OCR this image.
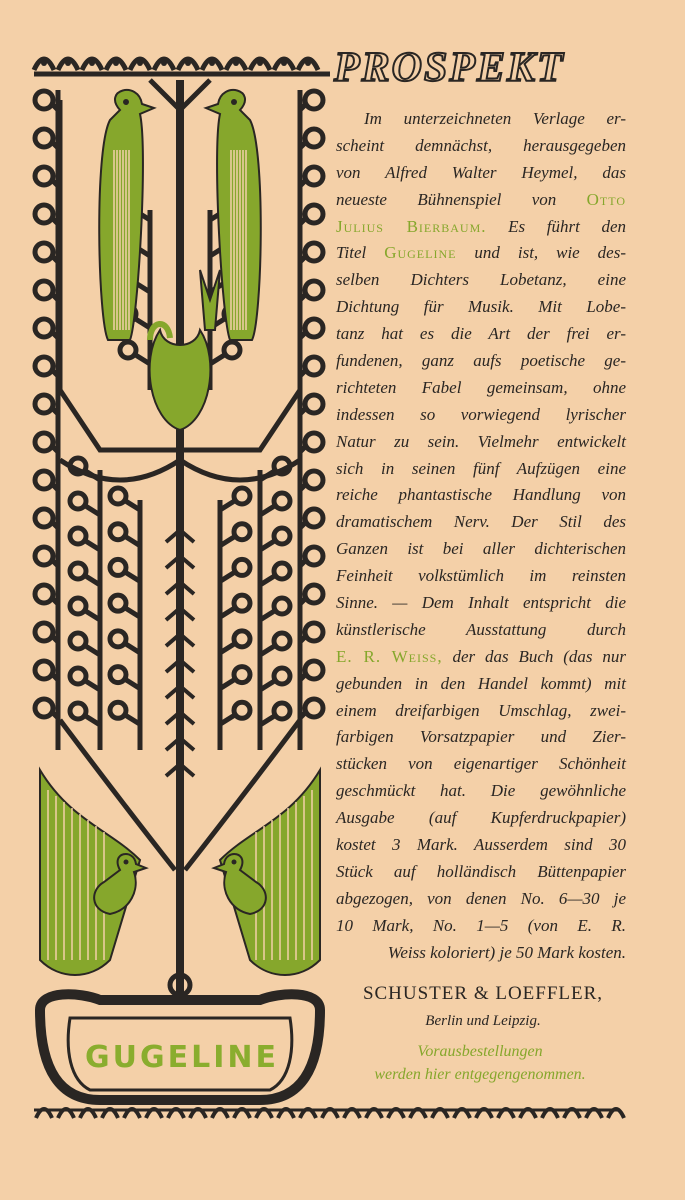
PROSPEKT
Im unterzeichneten Verlage er-
scheint demnächst, herausgegeben
von Alfred Walter Heymel, das
neueste Bühnenspiel von Otto
Julius Bierbaum. Es führt den
Titel Gugeline und ist, wie des-
selben Dichters Lobetanz, eine
Dichtung für Musik. Mit Lobe-
tanz hat es die Art der frei er-
fundenen, ganz aufs poetische ge-
richteten Fabel gemeinsam, ohne
indessen so vorwiegend lyrischer
Natur zu sein. Vielmehr entwickelt
sich in seinen fünf Aufzügen eine
reiche phantastische Handlung von
dramatischem Nerv. Der Stil des
Ganzen ist bei aller dichterischen
Feinheit volkstümlich im reinsten
Sinne. — Dem Inhalt entspricht die
künstlerische Ausstattung durch
E. R. Weiss, der das Buch (das nur
gebunden in den Handel kommt) mit
einem dreifarbigen Umschlag, zwei-
farbigen Vorsatzpapier und Zier-
stücken von eigenartiger Schönheit
geschmückt hat. Die gewöhnliche
Ausgabe (auf Kupferdruckpapier)
kostet 3 Mark. Ausserdem sind 30
Stück auf holländisch Büttenpapier
abgezogen, von denen No. 6—30 je
10 Mark, No. 1—5 (von E. R.
Weiss koloriert) je 50 Mark kosten.
SCHUSTER & LOEFFLER,
Berlin und Leipzig.
Vorausbestellungen
werden hier entgegengenommen.
GUGELINE
